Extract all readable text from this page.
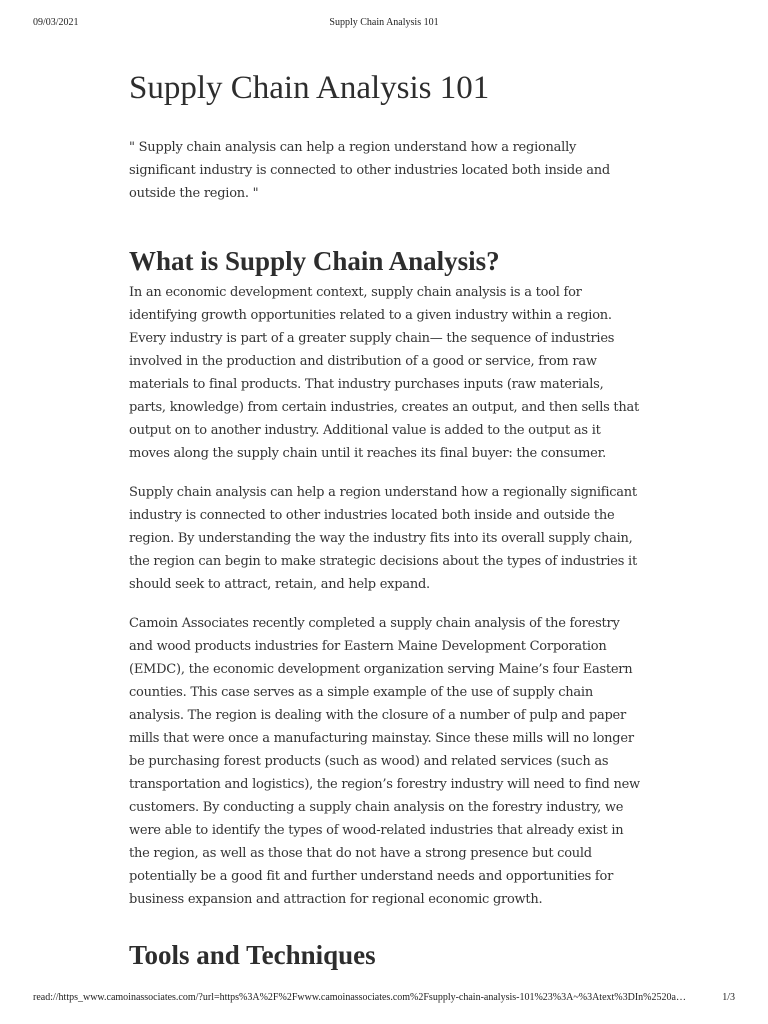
09/03/2021	Supply Chain Analysis 101
Supply Chain Analysis 101

" Supply chain analysis can help a region understand how a regionally significant industry is connected to other industries located both inside and outside the region. "

What is Supply Chain Analysis?

In an economic development context, supply chain analysis is a tool for identifying growth opportunities related to a given industry within a region. Every industry is part of a greater supply chain— the sequence of industries involved in the production and distribution of a good or service, from raw materials to final products. That industry purchases inputs (raw materials, parts, knowledge) from certain industries, creates an output, and then sells that output on to another industry. Additional value is added to the output as it moves along the supply chain until it reaches its final buyer: the consumer.

Supply chain analysis can help a region understand how a regionally significant industry is connected to other industries located both inside and outside the region. By understanding the way the industry fits into its overall supply chain, the region can begin to make strategic decisions about the types of industries it should seek to attract, retain, and help expand.

Camoin Associates recently completed a supply chain analysis of the forestry and wood products industries for Eastern Maine Development Corporation (EMDC), the economic development organization serving Maine’s four Eastern counties. This case serves as a simple example of the use of supply chain analysis. The region is dealing with the closure of a number of pulp and paper mills that were once a manufacturing mainstay. Since these mills will no longer be purchasing forest products (such as wood) and related services (such as transportation and logistics), the region’s forestry industry will need to find new customers. By conducting a supply chain analysis on the forestry industry, we were able to identify the types of wood-related industries that already exist in the region, as well as those that do not have a strong presence but could potentially be a good fit and further understand needs and opportunities for business expansion and attraction for regional economic growth.

Tools and Techniques
read://https_www.camoinassociates.com/?url=https%3A%2F%2Fwww.camoinassociates.com%2Fsupply-chain-analysis-101%23%3A~%3Atext%3DIn%2520a…	1/3
